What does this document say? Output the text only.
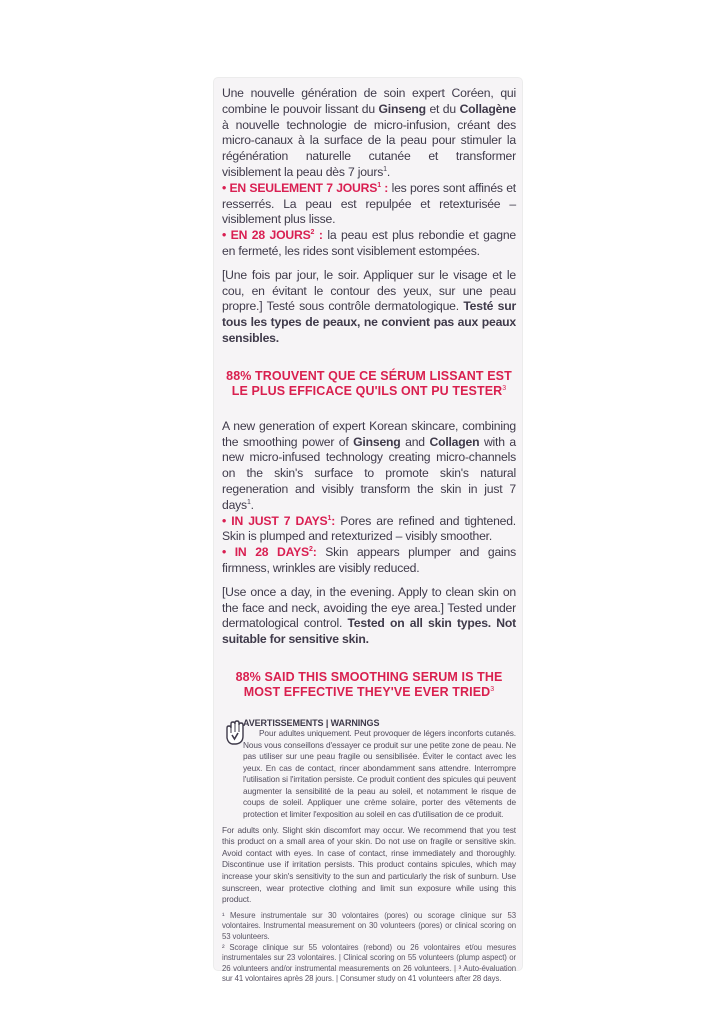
Une nouvelle génération de soin expert Coréen, qui combine le pouvoir lissant du Ginseng et du Collagène à nouvelle technologie de micro-infusion, créant des micro-canaux à la surface de la peau pour stimuler la régénération naturelle cutanée et transformer visiblement la peau dès 7 jours$^1$.
• EN SEULEMENT 7 JOURS$^1$ : les pores sont affinés et resserrés. La peau est repulpée et retexturisée – visiblement plus lisse.
• EN 28 JOURS$^2$ : la peau est plus rebondie et gagne en fermeté, les rides sont visiblement estompées.
[Une fois par jour, le soir. Appliquer sur le visage et le cou, en évitant le contour des yeux, sur une peau propre.] Testé sous contrôle dermatologique. Testé sur tous les types de peaux, ne convient pas aux peaux sensibles.
88% TROUVENT QUE CE SÉRUM LISSANT EST LE PLUS EFFICACE QU'ILS ONT PU TESTER$^3$
A new generation of expert Korean skincare, combining the smoothing power of Ginseng and Collagen with a new micro-infused technology creating micro-channels on the skin's surface to promote skin's natural regeneration and visibly transform the skin in just 7 days$^1$.
• IN JUST 7 DAYS$^1$: Pores are refined and tightened. Skin is plumped and retexturized – visibly smoother.
• IN 28 DAYS$^2$: Skin appears plumper and gains firmness, wrinkles are visibly reduced.
[Use once a day, in the evening. Apply to clean skin on the face and neck, avoiding the eye area.] Tested under dermatological control. Tested on all skin types. Not suitable for sensitive skin.
88% SAID THIS SMOOTHING SERUM IS THE MOST EFFECTIVE THEY'VE EVER TRIED$^3$
AVERTISSEMENTS | WARNINGS
Pour adultes uniquement. Peut provoquer de légers inconforts cutanés. Nous vous conseillons d'essayer ce produit sur une petite zone de peau. Ne pas utiliser sur une peau fragile ou sensibilisée. Éviter le contact avec les yeux. En cas de contact, rincer abondamment sans attendre. Interrompre l'utilisation si l'irritation persiste. Ce produit contient des spicules qui peuvent augmenter la sensibilité de la peau au soleil, et notamment le risque de coups de soleil. Appliquer une crème solaire, porter des vêtements de protection et limiter l'exposition au soleil en cas d'utilisation de ce produit.
For adults only. Slight skin discomfort may occur. We recommend that you test this product on a small area of your skin. Do not use on fragile or sensitive skin. Avoid contact with eyes. In case of contact, rinse immediately and thoroughly. Discontinue use if irritation persists. This product contains spicules, which may increase your skin's sensitivity to the sun and particularly the risk of sunburn. Use sunscreen, wear protective clothing and limit sun exposure while using this product.
¹ Mesure instrumentale sur 30 volontaires (pores) ou scorage clinique sur 53 volontaires. Instrumental measurement on 30 volunteers (pores) or clinical scoring on 53 volunteers.
² Scorage clinique sur 55 volontaires (rebond) ou 26 volontaires et/ou mesures instrumentales sur 23 volontaires. | Clinical scoring on 55 volunteers (plump aspect) or 26 volunteers and/or instrumental measurements on 26 volunteers. | ³ Auto-évaluation sur 41 volontaires après 28 jours. | Consumer study on 41 volunteers after 28 days.
